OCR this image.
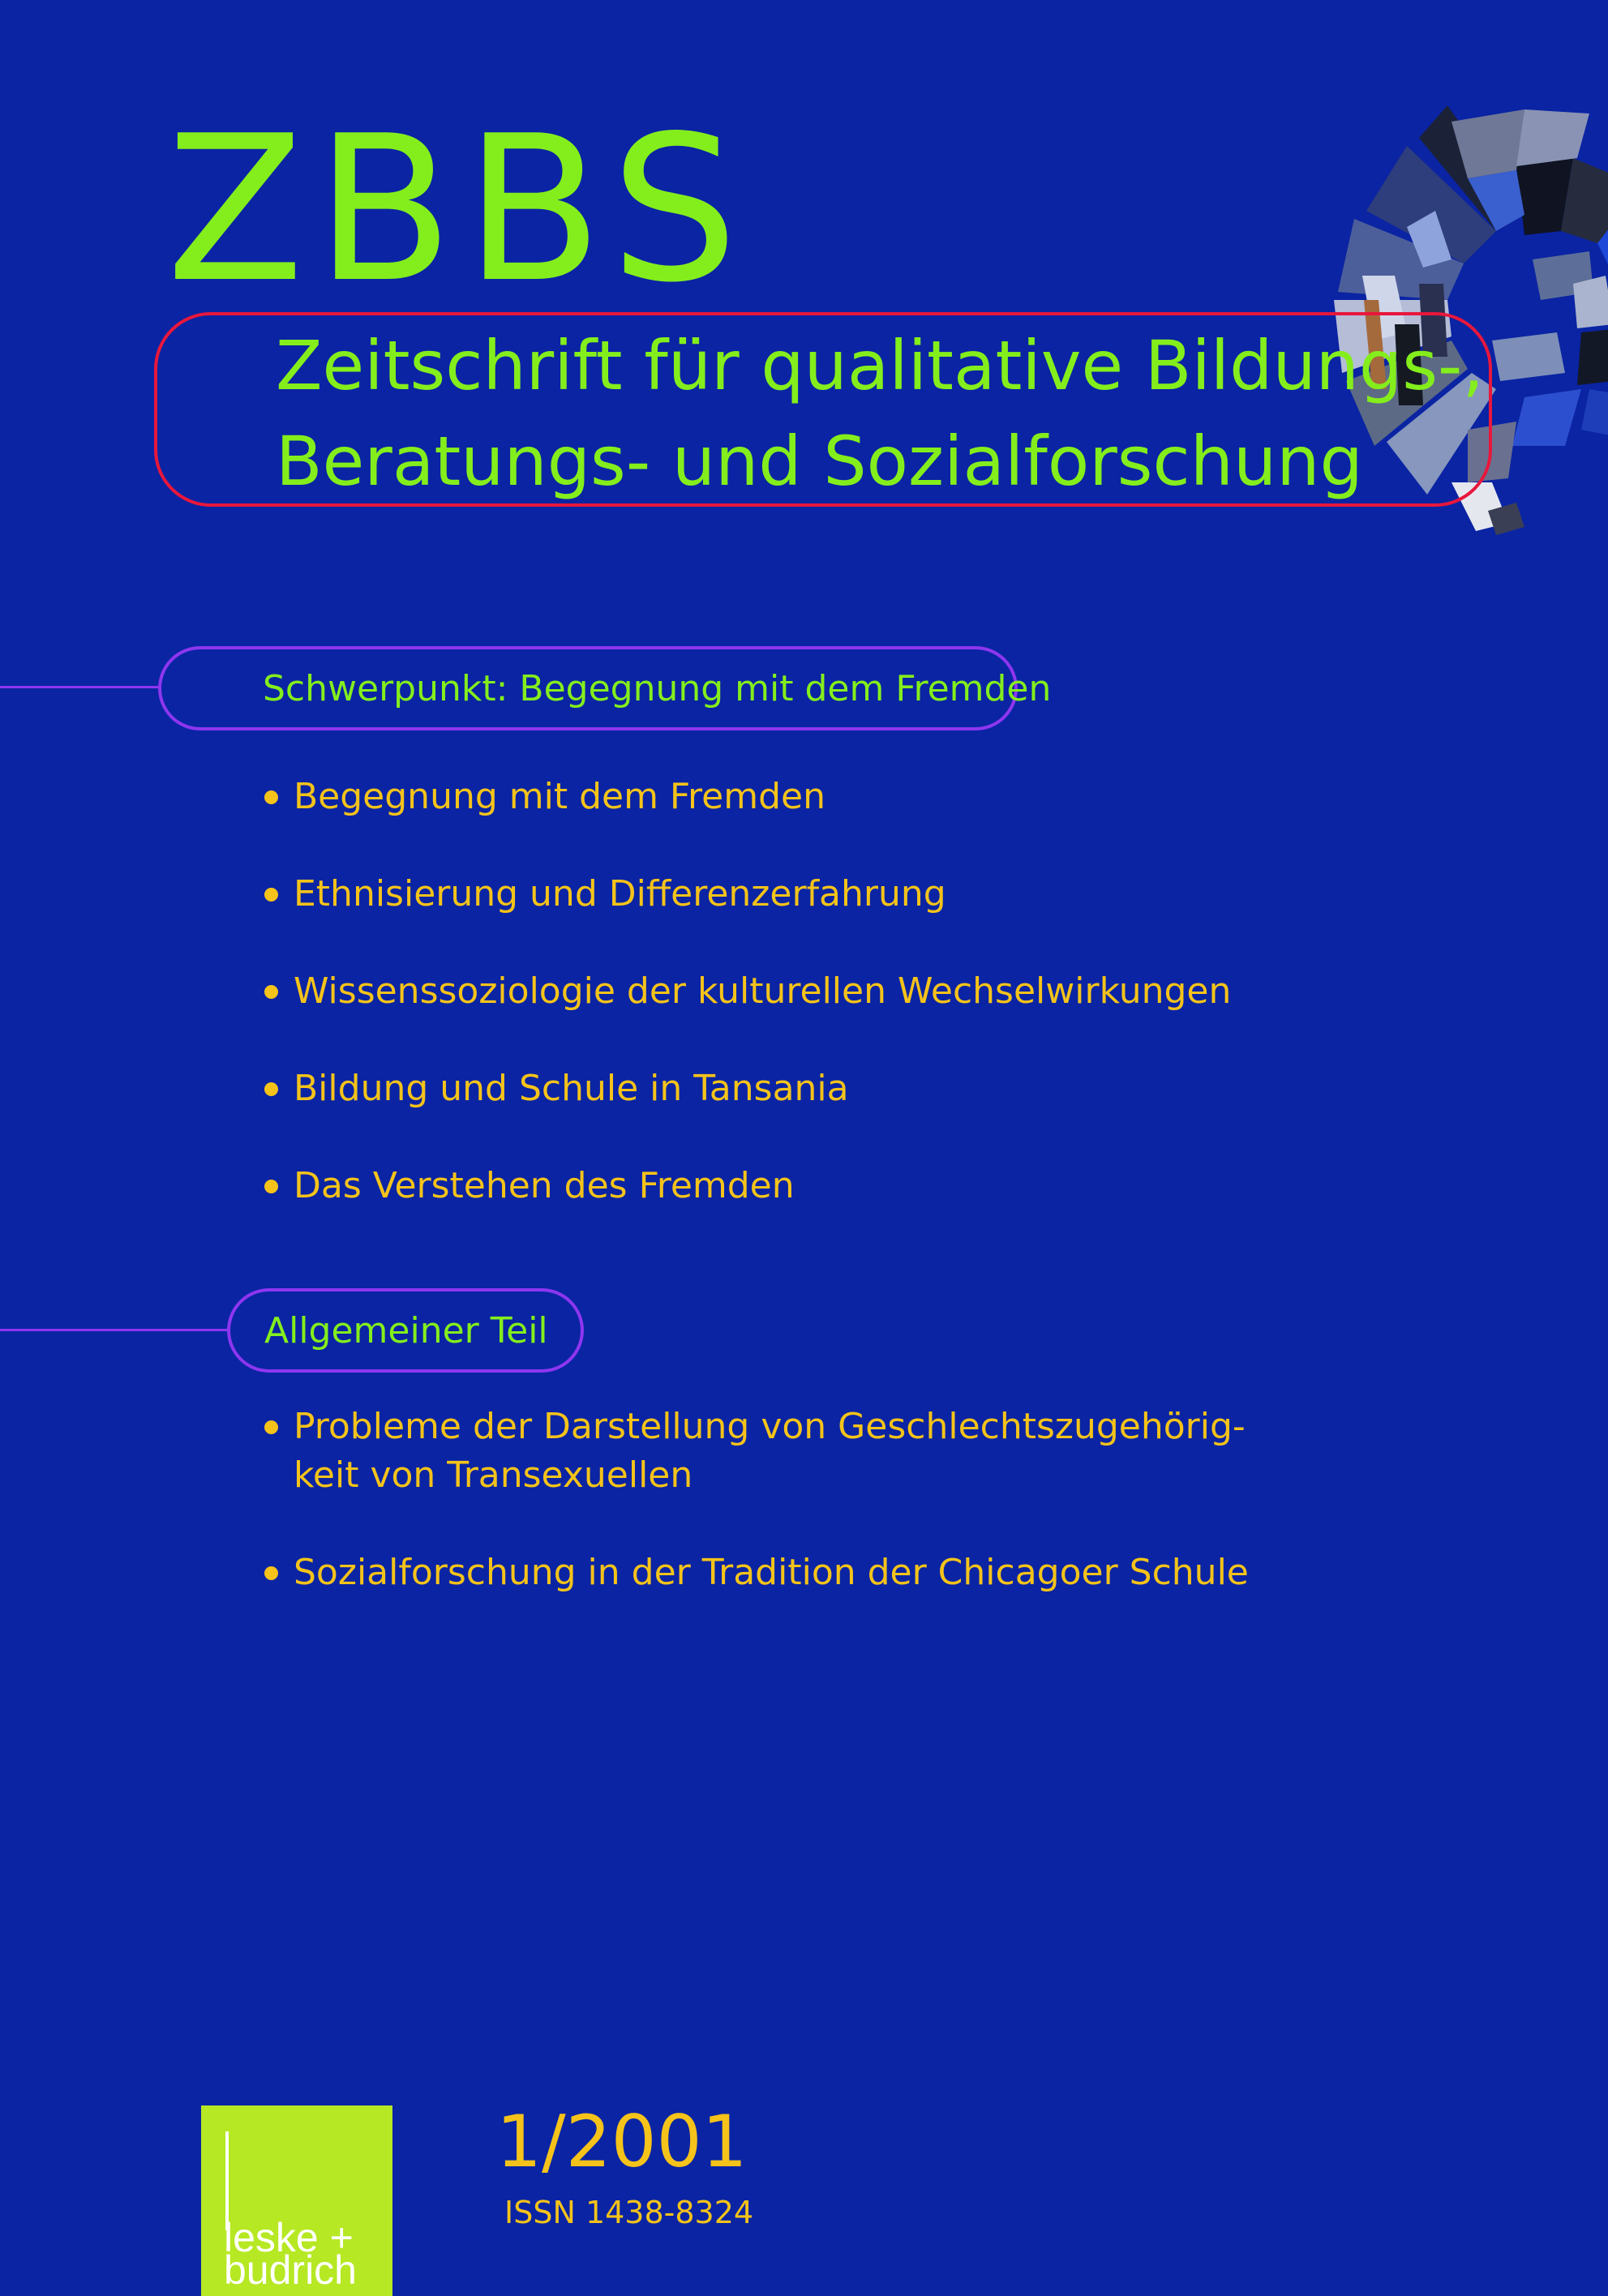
ZBBS
Zeitschrift für qualitative Bildungs-,
Beratungs- und Sozialforschung
Schwerpunkt: Begegnung mit dem Fremden
Begegnung mit dem Fremden
Ethnisierung und Differenzerfahrung
Wissenssoziologie der kulturellen Wechselwirkungen
Bildung und Schule in Tansania
Das Verstehen des Fremden
Allgemeiner Teil
Probleme der Darstellung von Geschlechtszugehörig-
keit von Transexuellen
Sozialforschung in der Tradition der Chicagoer Schule
leske +
budrich
1/2001
ISSN 1438-8324
